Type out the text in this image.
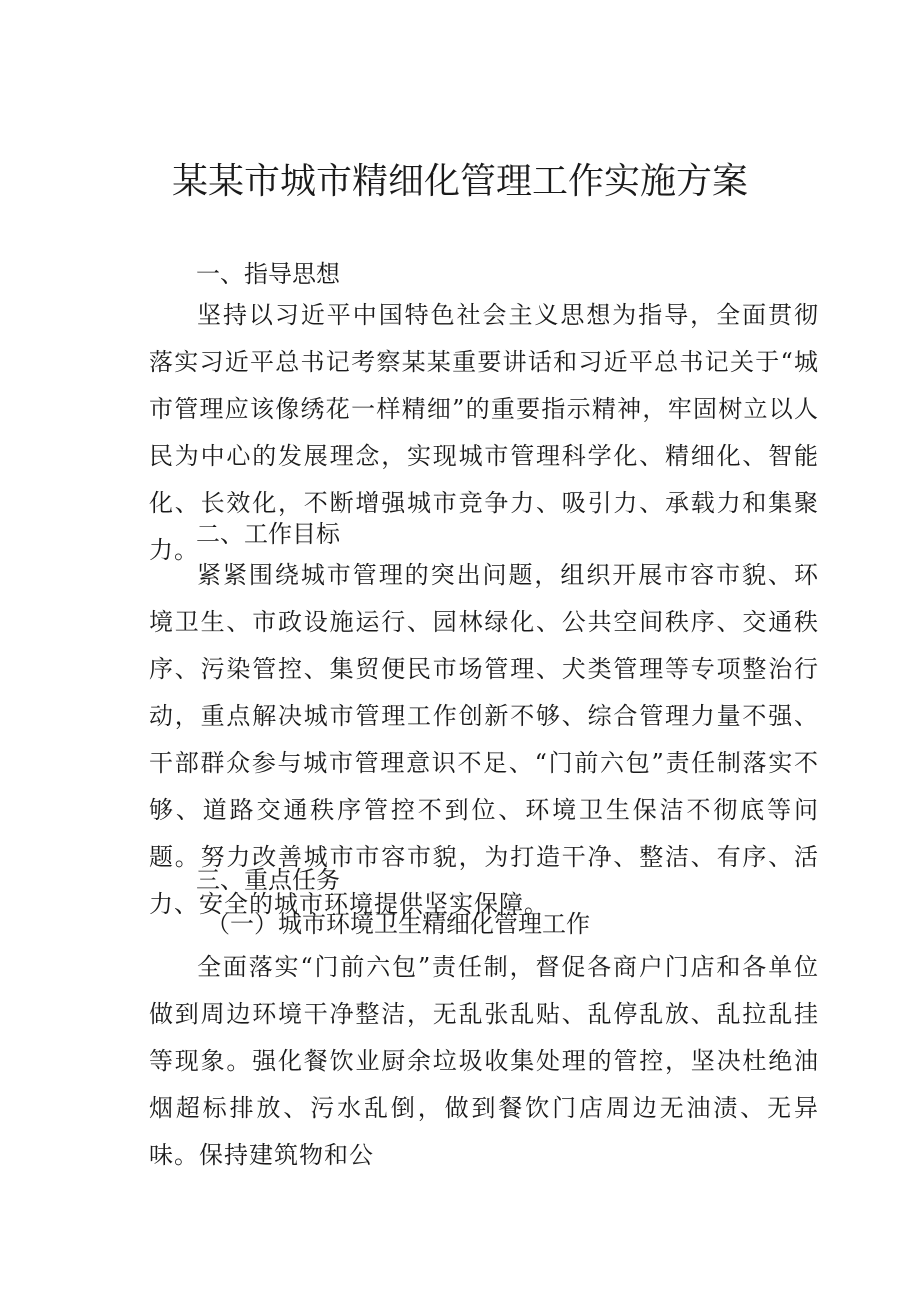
某某市城市精细化管理工作实施方案
一、指导思想

坚持以习近平中国特色社会主义思想为指导，全面贯彻落实习近平总书记考察某某重要讲话和习近平总书记关于“城市管理应该像绣花一样精细”的重要指示精神，牢固树立以人民为中心的发展理念，实现城市管理科学化、精细化、智能化、长效化，不断增强城市竞争力、吸引力、承载力和集聚力。

二、工作目标

紧紧围绕城市管理的突出问题，组织开展市容市貌、环境卫生、市政设施运行、园林绿化、公共空间秩序、交通秩序、污染管控、集贸便民市场管理、犬类管理等专项整治行动，重点解决城市管理工作创新不够、综合管理力量不强、干部群众参与城市管理意识不足、“门前六包”责任制落实不够、道路交通秩序管控不到位、环境卫生保洁不彻底等问题。努力改善城市市容市貌，为打造干净、整洁、有序、活力、安全的城市环境提供坚实保障。

三、重点任务
（一）城市环境卫生精细化管理工作

全面落实“门前六包”责任制，督促各商户门店和各单位做到周边环境干净整洁，无乱张乱贴、乱停乱放、乱拉乱挂等现象。强化餐饮业厨余垃圾收集处理的管控，坚决杜绝油烟超标排放、污水乱倒，做到餐饮门店周边无油渍、无异味。保持建筑物和公
